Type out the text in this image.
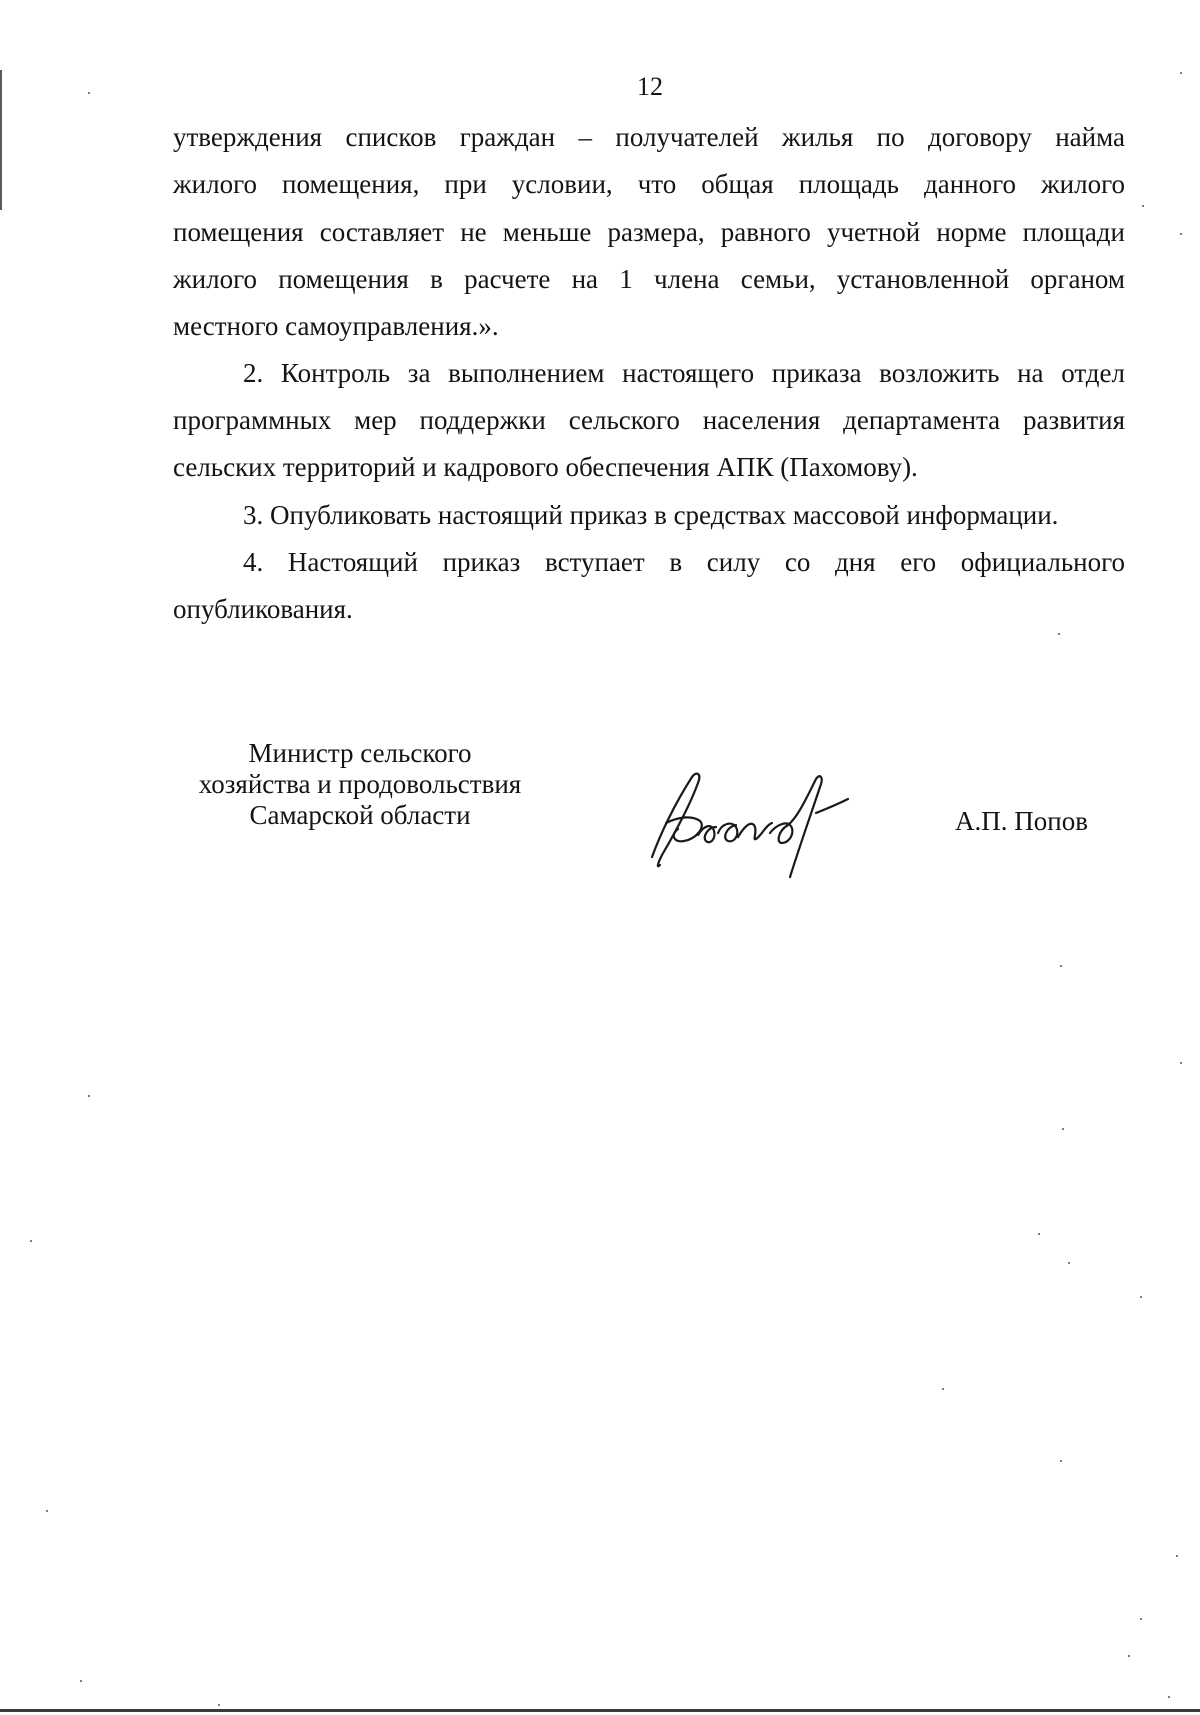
12
утверждения списков граждан – получателей жилья по договору найма
жилого помещения, при условии, что общая площадь данного жилого
помещения составляет не меньше размера, равного учетной норме площади
жилого помещения в расчете на 1 члена семьи, установленной органом
местного самоуправления.».
2. Контроль за выполнением настоящего приказа возложить на отдел
программных мер поддержки сельского населения департамента развития
сельских территорий и кадрового обеспечения АПК (Пахомову).
3. Опубликовать настоящий приказ в средствах массовой информации.
4. Настоящий приказ вступает в силу со дня его официального
опубликования.
Министр сельского
хозяйства и продовольствия
Самарской области	А.П. Попов
